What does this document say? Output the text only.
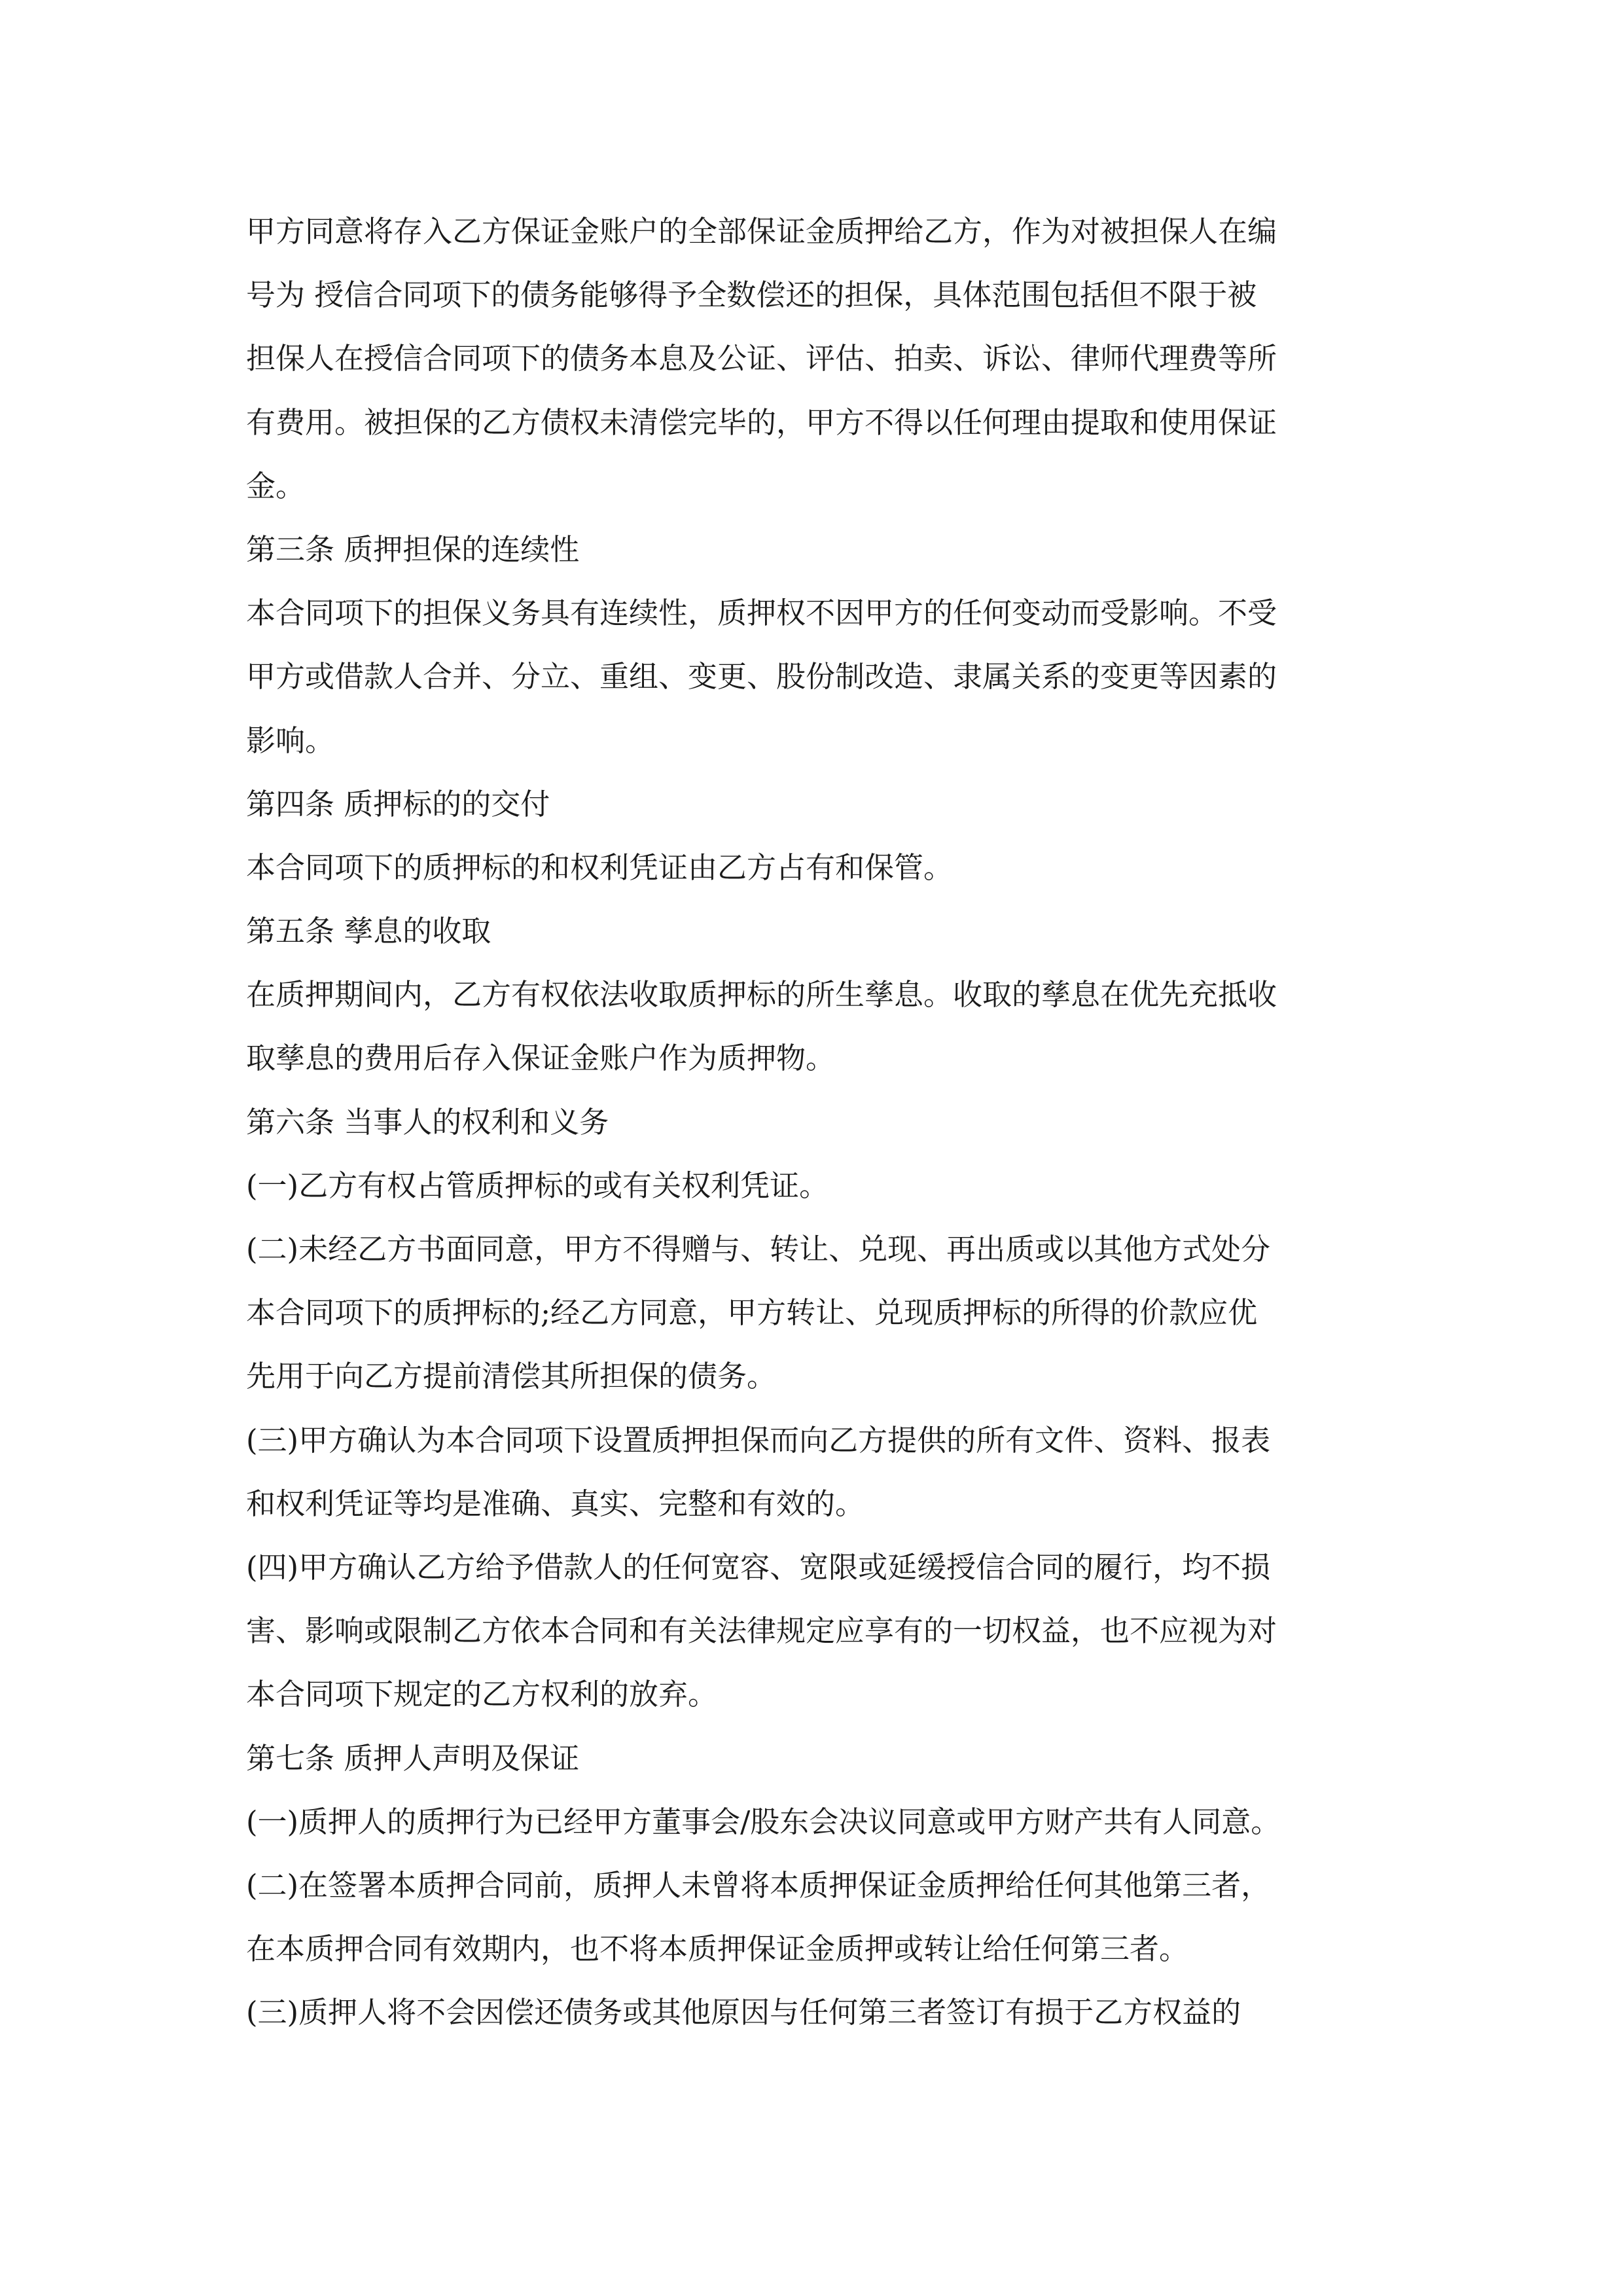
甲方同意将存入乙方保证金账户的全部保证金质押给乙方，作为对被担保人在编
号为 授信合同项下的债务能够得予全数偿还的担保，具体范围包括但不限于被
担保人在授信合同项下的债务本息及公证、评估、拍卖、诉讼、律师代理费等所
有费用。被担保的乙方债权未清偿完毕的，甲方不得以任何理由提取和使用保证
金。
第三条 质押担保的连续性
本合同项下的担保义务具有连续性，质押权不因甲方的任何变动而受影响。不受
甲方或借款人合并、分立、重组、变更、股份制改造、隶属关系的变更等因素的
影响。
第四条 质押标的的交付
本合同项下的质押标的和权利凭证由乙方占有和保管。
第五条 孳息的收取
在质押期间内，乙方有权依法收取质押标的所生孳息。收取的孳息在优先充抵收
取孳息的费用后存入保证金账户作为质押物。
第六条 当事人的权利和义务
(一)乙方有权占管质押标的或有关权利凭证。
(二)未经乙方书面同意，甲方不得赠与、转让、兑现、再出质或以其他方式处分
本合同项下的质押标的;经乙方同意，甲方转让、兑现质押标的所得的价款应优
先用于向乙方提前清偿其所担保的债务。
(三)甲方确认为本合同项下设置质押担保而向乙方提供的所有文件、资料、报表
和权利凭证等均是准确、真实、完整和有效的。
(四)甲方确认乙方给予借款人的任何宽容、宽限或延缓授信合同的履行，均不损
害、影响或限制乙方依本合同和有关法律规定应享有的一切权益，也不应视为对
本合同项下规定的乙方权利的放弃。
第七条 质押人声明及保证
(一)质押人的质押行为已经甲方董事会/股东会决议同意或甲方财产共有人同意。
(二)在签署本质押合同前，质押人未曾将本质押保证金质押给任何其他第三者，
在本质押合同有效期内，也不将本质押保证金质押或转让给任何第三者。
(三)质押人将不会因偿还债务或其他原因与任何第三者签订有损于乙方权益的
